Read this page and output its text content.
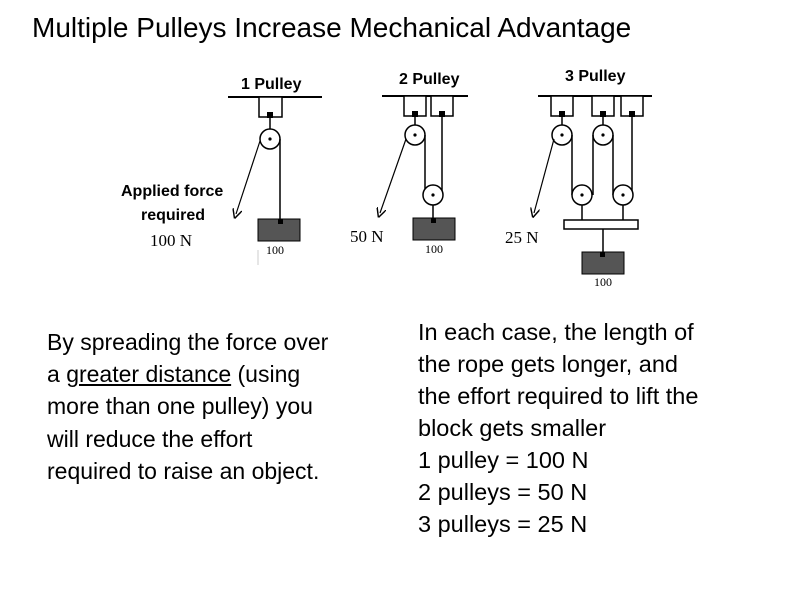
Multiple Pulleys Increase Mechanical Advantage
1 Pulley
100
Applied force
required
100 N
2 Pulley
100
50 N
3 Pulley
100
25 N
By spreading the force over a greater distance (using more than one pulley) you will reduce the effort required to raise an object.
In each case, the length of
the rope gets longer, and
the effort required to lift the
block gets smaller
1 pulley = 100 N
2 pulleys = 50 N
3 pulleys = 25 N
